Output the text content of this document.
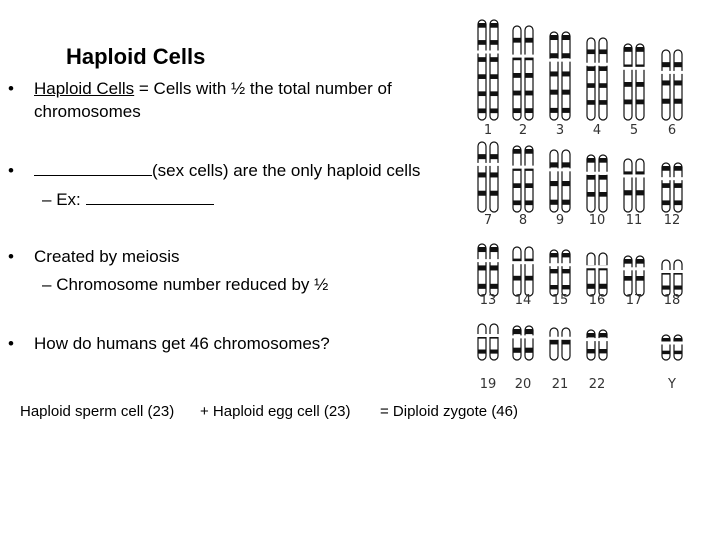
Haploid Cells
• Haploid Cells = Cells with ½ the total number of
chromosomes
•	(sex cells) are the only haploid cells
– Ex:
• Created by meiosis
– Chromosome number reduced by ½
• How do humans get 46 chromosomes?
Haploid sperm cell (23) + Haploid egg cell (23) = Diploid zygote (46)
1 2 3 4 5 6
7 8 9 10 11 12
13 14 15 16 17 18
19 20 21 22	Y
